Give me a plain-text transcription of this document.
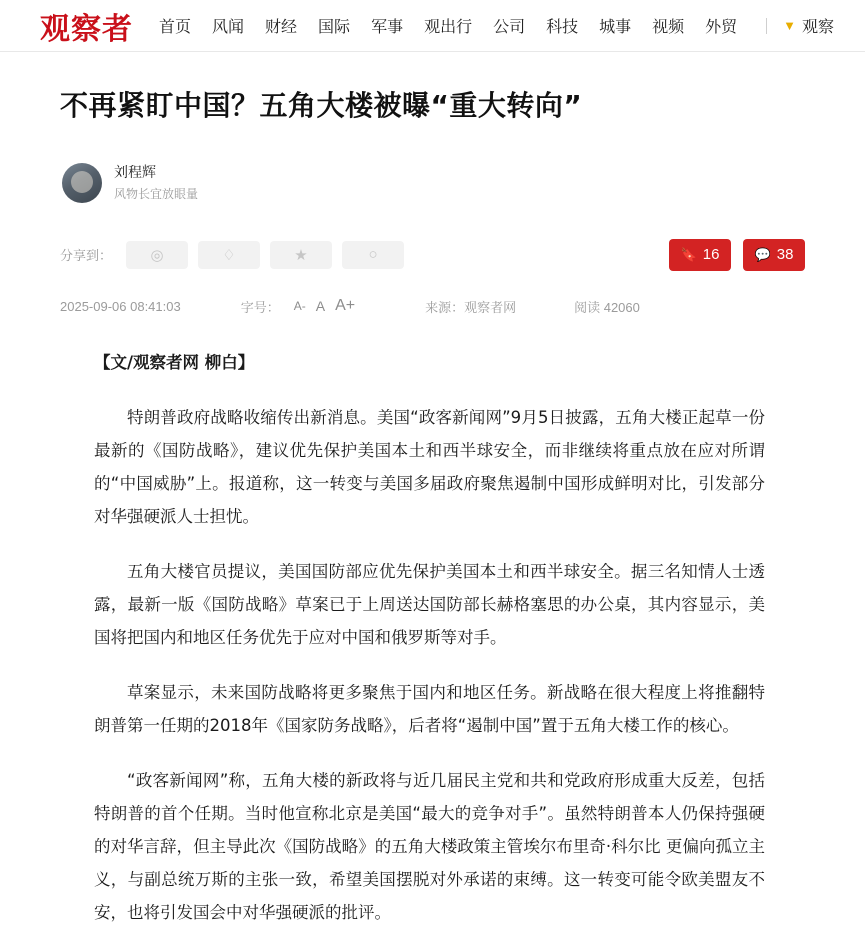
观察者 首页 风闻 财经 国际 军事 观出行 公司 科技 城事 视频 外贸	▼ 观察
不再紧盯中国？五角大楼被曝“重大转向”
刘程辉
风物长宜放眼量
分享到：	◎	♢	★	○	🔖 16	💬 38
2025-09-06 08:41:03	字号： A- A A+	来源：观察者网	阅读 42060

【文/观察者网 柳白】

特朗普政府战略收缩传出新消息。美国“政客新闻网”9月5日披露，五角大楼正起草一份最新的《国防战略》，建议优先保护美国本土和西半球安全，而非继续将重点放在应对所谓的“中国威胁”上。报道称，这一转变与美国多届政府聚焦遏制中国形成鲜明对比，引发部分对华强硬派人士担忧。

五角大楼官员提议，美国国防部应优先保护美国本土和西半球安全。据三名知情人士透露，最新一版《国防战略》草案已于上周送达国防部长赫格塞思的办公桌，其内容显示，美国将把国内和地区任务优先于应对中国和俄罗斯等对手。

草案显示，未来国防战略将更多聚焦于国内和地区任务。新战略在很大程度上将推翻特朗普第一任期的2018年《国家防务战略》，后者将“遏制中国”置于五角大楼工作的核心。

“政客新闻网”称，五角大楼的新政将与近几届民主党和共和党政府形成重大反差，包括特朗普的首个任期。当时他宣称北京是美国“最大的竞争对手”。虽然特朗普本人仍保持强硬的对华言辞，但主导此次《国防战略》的五角大楼政策主管埃尔布里奇·科尔比 更偏向孤立主义，与副总统万斯的主张一致，希望美国摆脱对外承诺的束缚。这一转变可能令欧美盟友不安，也将引发国会中对华强硬派的批评。
